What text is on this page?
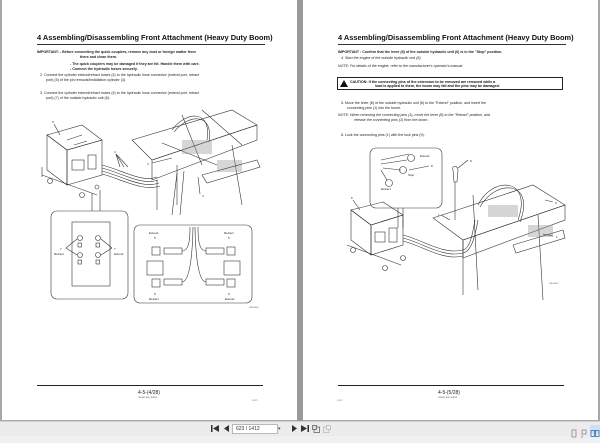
4 Assembling/Disassembling Front Attachment (Heavy Duty Boom)
IMPORTANT: - Before connecting the quick couplers, remove any dust or foreign matter from
there and clean them.
- The quick couplers may be damaged if they are hit. Handle them with care.
- Connect the hydraulic hoses securely.
2. Connect the cylinder extend/retract hoses (4) to the hydraulic hose connector (extend port, retract
port) (5) of the pin removal/installation cylinder (3).
3. Connect the cylinder extend/retract hoses (4) to the hydraulic hose connector (extend port, retract
port) (7) of the outside hydraulic unit (6).
6
4
2
3
7
Retract
7
Extend
Extend
5
Retract
5
5
Retract
5
Extend
HJDJ0048
4-5-(4/28)
TM-0NT-E06_1IRR01
2-171
4 Assembling/Disassembling Front Attachment (Heavy Duty Boom)
IMPORTANT : Confirm that the lever (8) of the outside hydraulic unit (6) is in the "Stop" position.
4. Start the engine of the outside hydraulic unit (6).
NOTE: For details of the engine, refer to the manufacturer's operator's manual.
CAUTION: If the connecting pins of the extension to be removed are removed while a
load is applied to them, the boom may fall and the pins may be damaged.
5. Move the lever (8) of the outside hydraulic unit (6) to the "Extend" position, and insert the
connecting pins (1) into the boom.
NOTE: When removing the connecting pins (1), move the lever (8) to the "Retract" position, and
release the connecting pins (1) from the boom.
6. Lock the connecting pins (1) with the lock pins (9).
Extend
8
Stop
Retract
9
6
1
9
1
HJDJ0049
4-5-(5/28)
TM-0NT-E06_1IRR01
2-172
623 / 1412
▾
